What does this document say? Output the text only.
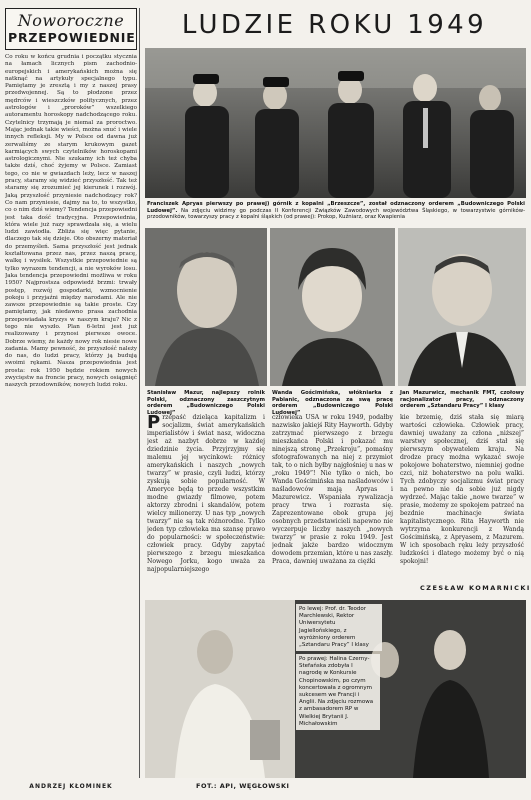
Noworoczne
PRZEPOWIEDNIE
Co roku w końcu grudnia i początku stycznia na łamach licznych pism zachodnio-europejskich i amerykańskich można się natknąć na artykuły specjalnego typu. Pamiętamy je zresztą i my z naszej prasy przedwojennej. Są to płodzone przez mędrców i wieszczków politycznych, przez astrologów i „proroków” wszelkiego autoramentu horoskopy nadchodzącego roku. Czytelnicy trzymają je niemal za proroctwo. Mając jednak takie wieści, można snuć i wiele innych refleksji. My w Polsce od dawna już zerwaliśmy ze starym krukowym gazet karmiących swych czytelników horoskopami astrologicznymi. Nie szukamy ich też chyba także dziś, choć żyjemy w Polsce. Zamiast tego, co nie w gwiazdach leży, lecz w naszej pracy, staramy się widzieć przyszłość. Tak też staramy się zrozumieć jej kierunek i rozwój. Jaką przyszłość przyniesie nadchodzący rok? Co nam przyniesie, dajmy na to, to wszystko, co o nim dziś wiemy? Tendencja przepowiedni jest taka dość tradycyjna. Przepowiednia, która wiele już razy sprawdzała się, a wielu ludzi zawiodła. Zbliża się więc pytanie, dlaczego tak się dzieje. Oto obszerny materiał do przemyśleń. Sama przyszłość jest jednak kształtowana przez nas, przez naszą pracę, walkę i wysiłek. Wszystkie przepowiednie są tylko wyrazem tendencji, a nie wyroków losu. Jaka tendencja przepowiedni możliwa w roku 1950? Najprostsza odpowiedź brzmi: trwały postęp, rozwój gospodarki, wzmocnienie pokoju i przyjaźni między narodami. Ale nie zawsze przepowiednie są takie proste. Czy pamiętamy, jak niedawno prasa zachodnia przepowiadała kryzys w naszym kraju? Nic z tego nie wyszło. Plan 6-letni jest już realizowany i przynosi pierwsze owoce. Dobrze wiemy, że każdy nowy rok niesie nowe zadania. Mamy pewność, że przyszłość należy do nas, do ludzi pracy, którzy ją budują swoimi rękami. Nasza przepowiednia jest prosta: rok 1950 będzie rokiem nowych zwycięstw na froncie pracy, nowych osiągnięć naszych przodowników, nowych ludzi roku.
ANDRZEJ KŁOMINEK
LUDZIE ROKU 1949
Franciszek Apryas pierwszy po prawej) górnik z kopalni „Brzeszcze”, został odznaczony orderem „Budowniczego Polski Ludowej”. Na zdjęciu widzimy go podczas II Konferencji Związków Zawodowych województwa Śląskiego, w towarzystwie górników-przodowników, towarzyszy pracy z kopalni śląskich (od prawej): Prokop, Kuźniarz, oraz Kwapienia
Stanisław Mazur, najlepszy rolnik Polski, odznaczony zaszczytnym orderem „Budowniczego Polski Ludowej”
Wanda Gościmińska, włókniarka z Pabianic, odznaczona za swą pracę orderem „Budowniczego Polski Ludowej”
Jan Mazurwicz, mechanik FMT, czołowy racjonalizator pracy, odznaczony orderem „Sztandaru Pracy” I klasy
Przepaść dzieląca kapitalizm i socjalizm, świat amerykańskich imperialistów i świat nasz, widoczna jest aż nazbyt dobrze w każdej dziedzinie życia. Przyjrzyjmy się malemu jej wycinkowi: różnicy amerykańskich i naszych „nowych twarzy” w prasie, czyli ludzi, którzy zyskują sobie popularność. W Ameryce będą to przede wszystkim modne gwiazdy filmowe, potem aktorzy zbrodni i skandalów, potem wielcy milionerzy. U nas typ „nowych twarzy” nie są tak różnorodne. Tylko jeden typ człowieka ma szansę prawo do popularności: w społeczeństwie: człowiek pracy. Gdyby zapytać pierwszego z brzegu mieszkańca Nowego Jorku, kogo uważa za najpopularniejszego
człowieka USA w roku 1949, podałby nazwisko jakiejś Rity Hayworth. Gdyby zatrzymać pierwszego z brzegu mieszkańca Polski i pokazać mu ninejszą stronę „Przekroju”, pomaśny sfotografowanych na niej z przymiot tak, to o nich byłby najgłośniej u nas w „roku 1949”! Nie tylko o nich, bo Wanda Gościmińska ma naśladowców i naśladowców mają Apryas i Mazurewicz. Wspaniała rywalizacja pracy trwa i rozrasta się. Zaprezentowane obok grupa jej osobnych przedstawicieli napewno nie wyczerpuje liczby naszych „nowych twarzy” w prasie z roku 1949. Jest jednak jakże bardzo widocznym dowodem przemian, które u nas zaszły. Praca, dawniej uważana za ciężki
kie brzemię, dziś stała się miarą wartości człowieka. Człowiek pracy, dawniej uważany za człona „niższej” warstwy społecznej, dziś stał się pierwszym obywatelem kraju. Na drodze pracy można wykazać swoje pokojowe bohaterstwo, niemniej godne czci, niż bohaterstwo na polu walki. Tych zdobyczy socjalizmu świat pracy na pewno nie da sobie już nigdy wydrzeć. Mając takie „nowe twarze” w prasie, możemy ze spokojem patrzeć na bezdnie machinacje świata kapitalistycznego. Rita Hayworth nie wytrzyma konkurencji z Wandą Gościmińską, z Apryasem, z Mazurem. W ich sposobach ręku leży przyszłość ludzkości i dlatego możemy być o nią spokojni!
CZESŁAW KOMARNICKI
Po lewej: Prof. dr. Teodor Marchlewski, Rektor Uniwersytetu Jagiellońskiego, z wyróżniony orderem „Sztandaru Pracy” I klasy
Po prawej: Halina Czerny-Stefańska zdobyła I nagrodę w Konkursie Chopinowskim, po czym koncertowała z ogromnym sukcesem we Francji i Anglii. Na zdjęciu rozmowa z ambasadorem RP w Wielkiej Brytanii J. Michałowskim
FOT.: API, WĘGŁOWSKI
